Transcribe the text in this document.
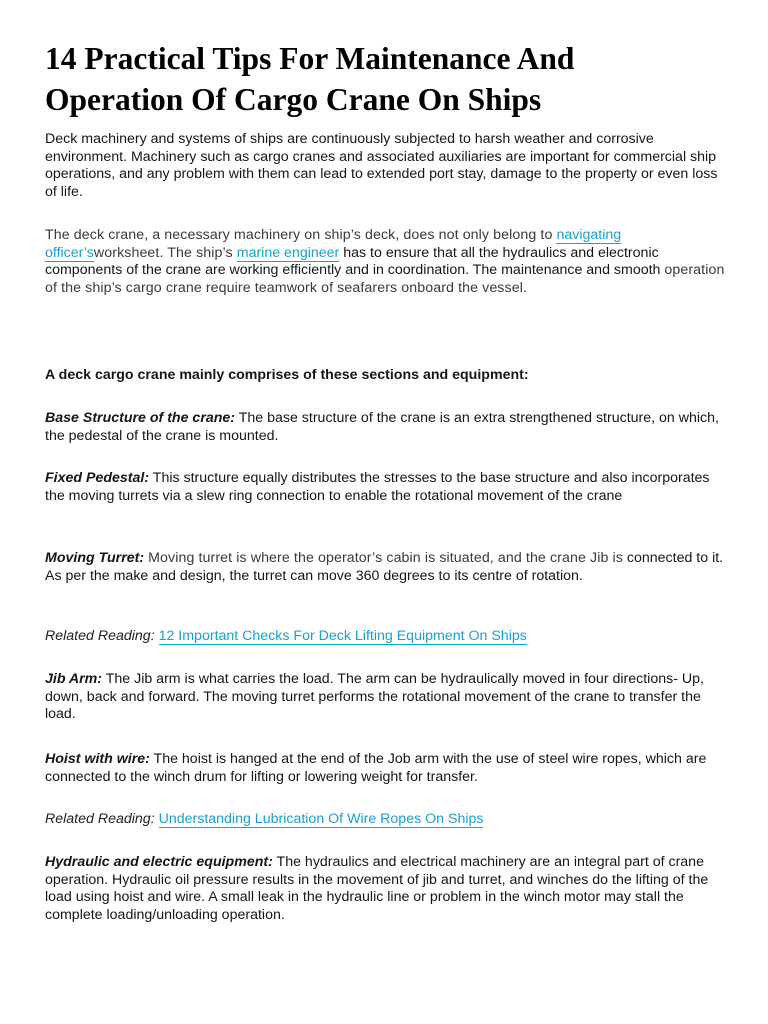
14 Practical Tips For Maintenance And
Operation Of Cargo Crane On Ships

Deck machinery and systems of ships are continuously subjected to harsh weather and corrosive environment. Machinery such as cargo cranes and associated auxiliaries are important for commercial ship operations, and any problem with them can lead to extended port stay, damage to the property or even loss of life.

The deck crane, a necessary machinery on ship’s deck, does not only belong to navigating officer’sworksheet. The ship’s marine engineer has to ensure that all the hydraulics and electronic components of the crane are working efficiently and in coordination. The maintenance and smooth operation of the ship’s cargo crane require teamwork of seafarers onboard the vessel.

A deck cargo crane mainly comprises of these sections and equipment:

Base Structure of the crane: The base structure of the crane is an extra strengthened structure, on which, the pedestal of the crane is mounted.

Fixed Pedestal: This structure equally distributes the stresses to the base structure and also incorporates the moving turrets via a slew ring connection to enable the rotational movement of the crane

Moving Turret: Moving turret is where the operator’s cabin is situated, and the crane Jib is connected to it. As per the make and design, the turret can move 360 degrees to its centre of rotation.

Related Reading: 12 Important Checks For Deck Lifting Equipment On Ships

Jib Arm: The Jib arm is what carries the load. The arm can be hydraulically moved in four directions- Up, down, back and forward. The moving turret performs the rotational movement of the crane to transfer the load.

Hoist with wire: The hoist is hanged at the end of the Job arm with the use of steel wire ropes, which are connected to the winch drum for lifting or lowering weight for transfer.

Related Reading: Understanding Lubrication Of Wire Ropes On Ships

Hydraulic and electric equipment: The hydraulics and electrical machinery are an integral part of crane operation. Hydraulic oil pressure results in the movement of jib and turret, and winches do the lifting of the load using hoist and wire. A small leak in the hydraulic line or problem in the winch motor may stall the complete loading/unloading operation.
